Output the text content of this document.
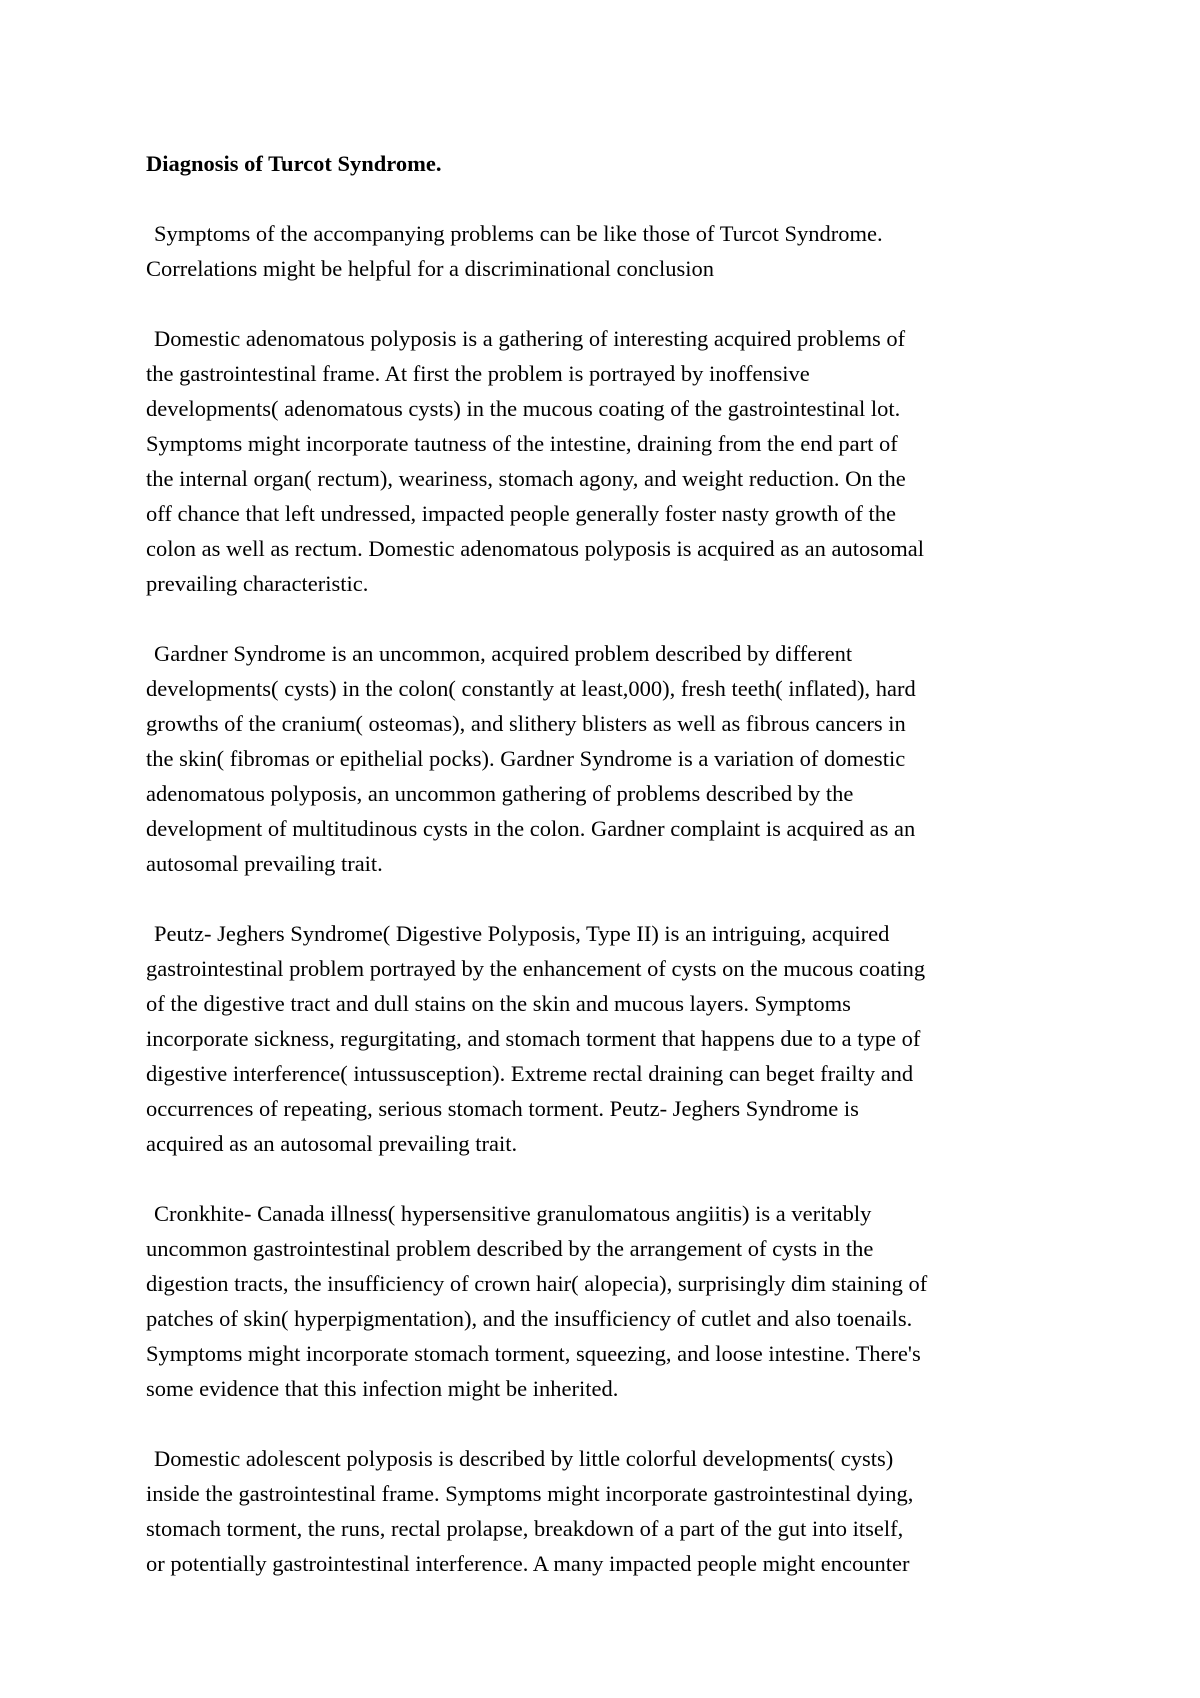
Diagnosis of Turcot Syndrome.

Symptoms of the accompanying problems can be like those of Turcot Syndrome.
Correlations might be helpful for a discriminational conclusion

Domestic adenomatous polyposis is a gathering of interesting acquired problems of
the gastrointestinal frame. At first the problem is portrayed by inoffensive
developments( adenomatous cysts) in the mucous coating of the gastrointestinal lot.
Symptoms might incorporate tautness of the intestine, draining from the end part of
the internal organ( rectum), weariness, stomach agony, and weight reduction. On the
off chance that left undressed, impacted people generally foster nasty growth of the
colon as well as rectum. Domestic adenomatous polyposis is acquired as an autosomal
prevailing characteristic.

Gardner Syndrome is an uncommon, acquired problem described by different
developments( cysts) in the colon( constantly at least,000), fresh teeth( inflated), hard
growths of the cranium( osteomas), and slithery blisters as well as fibrous cancers in
the skin( fibromas or epithelial pocks). Gardner Syndrome is a variation of domestic
adenomatous polyposis, an uncommon gathering of problems described by the
development of multitudinous cysts in the colon. Gardner complaint is acquired as an
autosomal prevailing trait.

Peutz- Jeghers Syndrome( Digestive Polyposis, Type II) is an intriguing, acquired
gastrointestinal problem portrayed by the enhancement of cysts on the mucous coating
of the digestive tract and dull stains on the skin and mucous layers. Symptoms
incorporate sickness, regurgitating, and stomach torment that happens due to a type of
digestive interference( intussusception). Extreme rectal draining can beget frailty and
occurrences of repeating, serious stomach torment. Peutz- Jeghers Syndrome is
acquired as an autosomal prevailing trait.

Cronkhite- Canada illness( hypersensitive granulomatous angiitis) is a veritably
uncommon gastrointestinal problem described by the arrangement of cysts in the
digestion tracts, the insufficiency of crown hair( alopecia), surprisingly dim staining of
patches of skin( hyperpigmentation), and the insufficiency of cutlet and also toenails.
Symptoms might incorporate stomach torment, squeezing, and loose intestine. There's
some evidence that this infection might be inherited.

Domestic adolescent polyposis is described by little colorful developments( cysts)
inside the gastrointestinal frame. Symptoms might incorporate gastrointestinal dying,
stomach torment, the runs, rectal prolapse, breakdown of a part of the gut into itself,
or potentially gastrointestinal interference. A many impacted people might encounter
